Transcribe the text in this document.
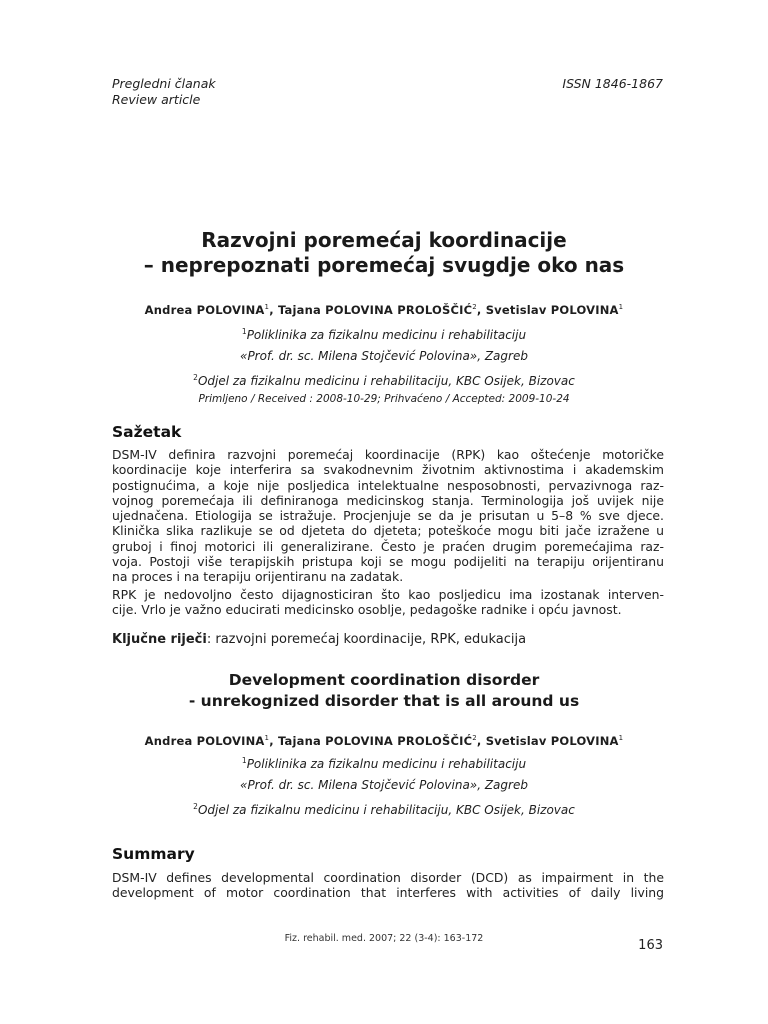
Pregledni članak
Review article
ISSN 1846-1867
Razvojni poremećaj koordinacije
– neprepoznati poremećaj svugdje oko nas
Andrea POLOVINA$^1$, Tajana POLOVINA PROLOŠČIĆ$^2$, Svetislav POLOVINA$^1$
$^1$Poliklinika za fizikalnu medicinu i rehabilitaciju
«Prof. dr. sc. Milena Stojčević Polovina», Zagreb
$^2$Odjel za fizikalnu medicinu i rehabilitaciju, KBC Osijek, Bizovac
Primljeno / Received : 2008-10-29; Prihvaćeno / Accepted: 2009-10-24
Sažetak
DSM-IV definira razvojni poremećaj koordinacije (RPK) kao oštećenje motoričke
koordinacije koje interferira sa svakodnevnim životnim aktivnostima i akademskim
postignućima, a koje nije posljedica intelektualne nesposobnosti, pervazivnoga raz-
vojnog poremećaja ili definiranoga medicinskog stanja. Terminologija još uvijek nije
ujednačena. Etiologija se istražuje. Procjenjuje se da je prisutan u 5–8 % sve djece.
Klinička slika razlikuje se od djeteta do djeteta; poteškoće mogu biti jače izražene u
gruboj i finoj motorici ili generalizirane. Često je praćen drugim poremećajima raz-
voja. Postoji više terapijskih pristupa koji se mogu podijeliti na terapiju orijentiranu
na proces i na terapiju orijentiranu na zadatak.
RPK je nedovoljno često dijagnosticiran što kao posljedicu ima izostanak interven-
cije. Vrlo je važno educirati medicinsko osoblje, pedagoške radnike i opću javnost.
Ključne riječi: razvojni poremećaj koordinacije, RPK, edukacija
Development coordination disorder
- unrekognized disorder that is all around us
Andrea POLOVINA$^1$, Tajana POLOVINA PROLOŠČIĆ$^2$, Svetislav POLOVINA$^1$
$^1$Poliklinika za fizikalnu medicinu i rehabilitaciju
«Prof. dr. sc. Milena Stojčević Polovina», Zagreb
$^2$Odjel za fizikalnu medicinu i rehabilitaciju, KBC Osijek, Bizovac
Summary
DSM-IV defines developmental coordination disorder (DCD) as impairment in the
development of motor coordination that interferes with activities of daily living
Fiz. rehabil. med. 2007; 22 (3-4): 163-172	163
